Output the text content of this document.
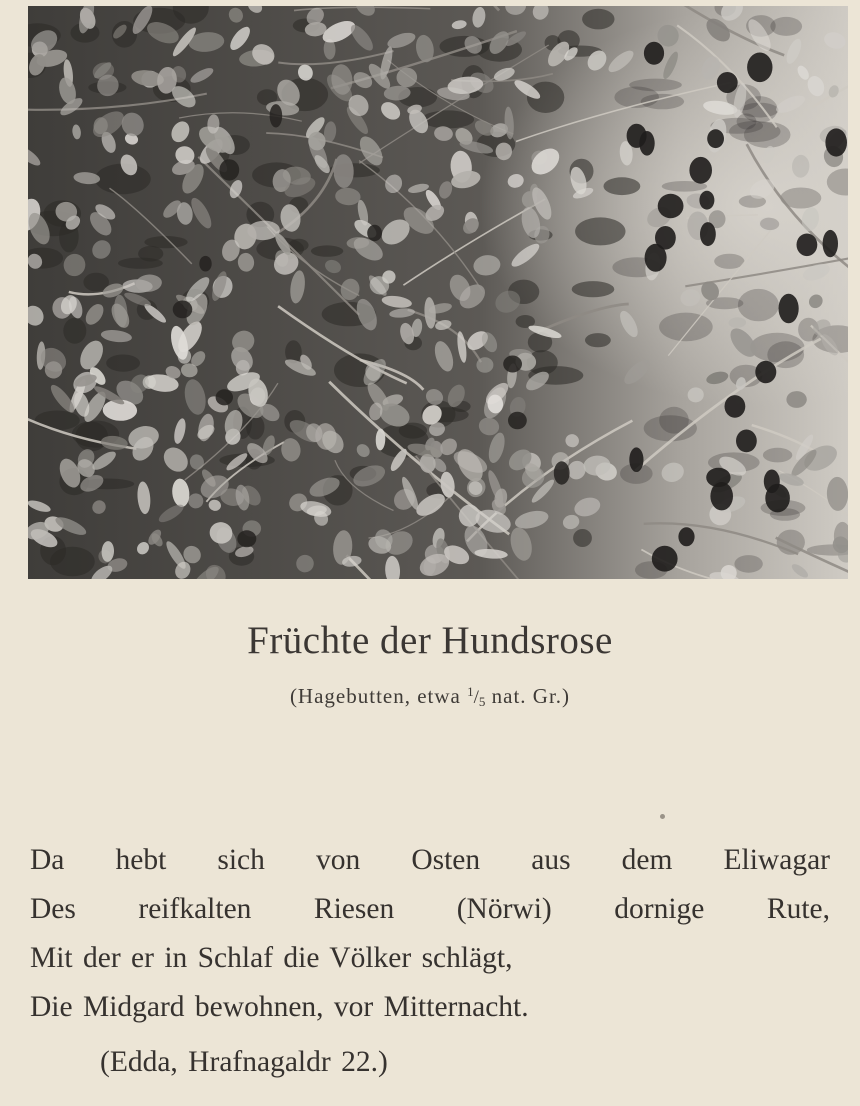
Früchte der Hundsrose
(Hagebutten, etwa $^1/_5$ nat. Gr.)
Da hebt sich von Osten aus dem Eliwagar
Des reifkalten Riesen (Nörwi) dornige Rute,
Mit der er in Schlaf die Völker schlägt,
Die Midgard bewohnen, vor Mitternacht.
(Edda, Hrafnagaldr 22.)
